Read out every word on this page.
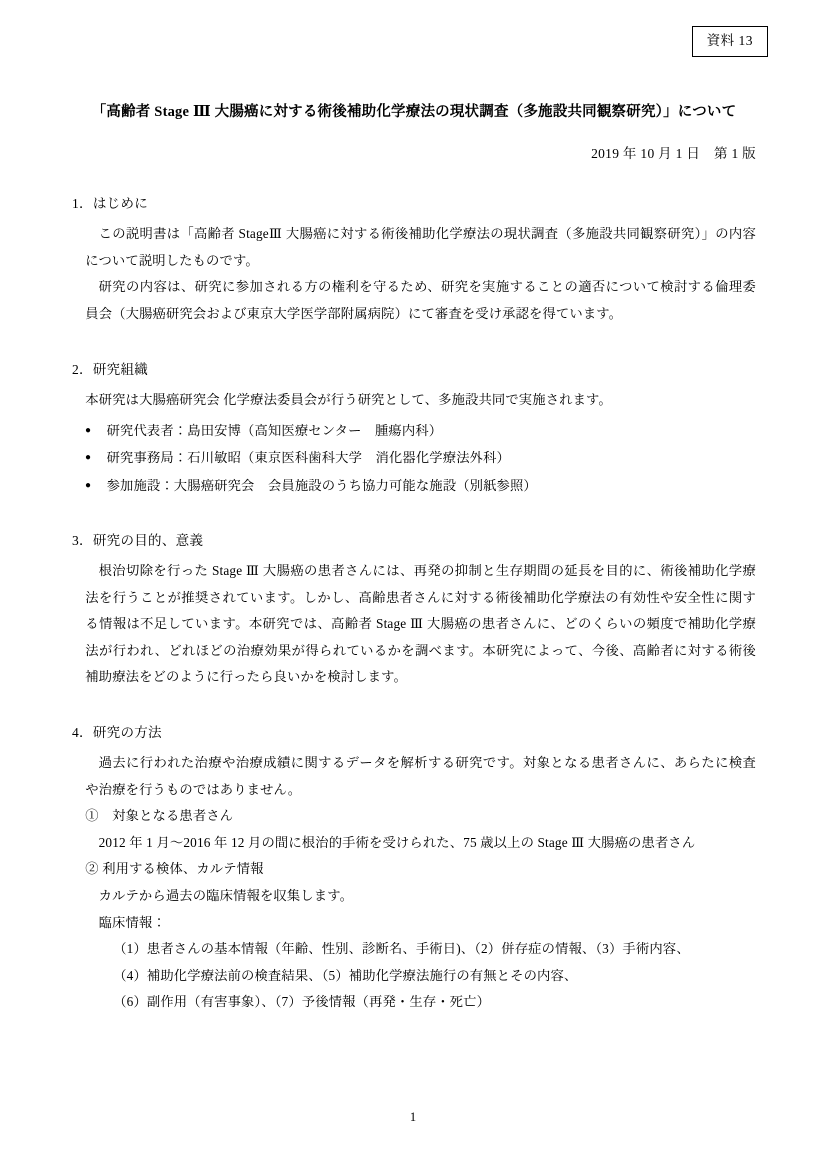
資料 13
「高齢者 Stage Ⅲ 大腸癌に対する術後補助化学療法の現状調査（多施設共同観察研究）」について
2019 年 10 月 1 日　第 1 版
1．はじめに
この説明書は「高齢者 StageⅢ 大腸癌に対する術後補助化学療法の現状調査（多施設共同観察研究）」の内容について説明したものです。
研究の内容は、研究に参加される方の権利を守るため、研究を実施することの適否について検討する倫理委員会（大腸癌研究会および東京大学医学部附属病院）にて審査を受け承認を得ています。
2．研究組織
本研究は大腸癌研究会 化学療法委員会が行う研究として、多施設共同で実施されます。
● 研究代表者：島田安博（高知医療センター　腫瘍内科）
● 研究事務局：石川敏昭（東京医科歯科大学　消化器化学療法外科）
● 参加施設：大腸癌研究会　会員施設のうち協力可能な施設（別紙参照）
3．研究の目的、意義
根治切除を行った Stage Ⅲ 大腸癌の患者さんには、再発の抑制と生存期間の延長を目的に、術後補助化学療法を行うことが推奨されています。しかし、高齢患者さんに対する術後補助化学療法の有効性や安全性に関する情報は不足しています。本研究では、高齢者 Stage Ⅲ 大腸癌の患者さんに、どのくらいの頻度で補助化学療法が行われ、どれほどの治療効果が得られているかを調べます。本研究によって、今後、高齢者に対する術後補助療法をどのように行ったら良いかを検討します。
4．研究の方法
過去に行われた治療や治療成績に関するデータを解析する研究です。対象となる患者さんに、あらたに検査や治療を行うものではありません。
①　対象となる患者さん
2012 年 1 月～2016 年 12 月の間に根治的手術を受けられた、75 歳以上の Stage Ⅲ 大腸癌の患者さん
② 利用する検体、カルテ情報
カルテから過去の臨床情報を収集します。
臨床情報：
（1）患者さんの基本情報（年齢、性別、診断名、手術日)、（2）併存症の情報、（3）手術内容、
（4）補助化学療法前の検査結果、（5）補助化学療法施行の有無とその内容、
（6）副作用（有害事象）、（7）予後情報（再発・生存・死亡）
1
